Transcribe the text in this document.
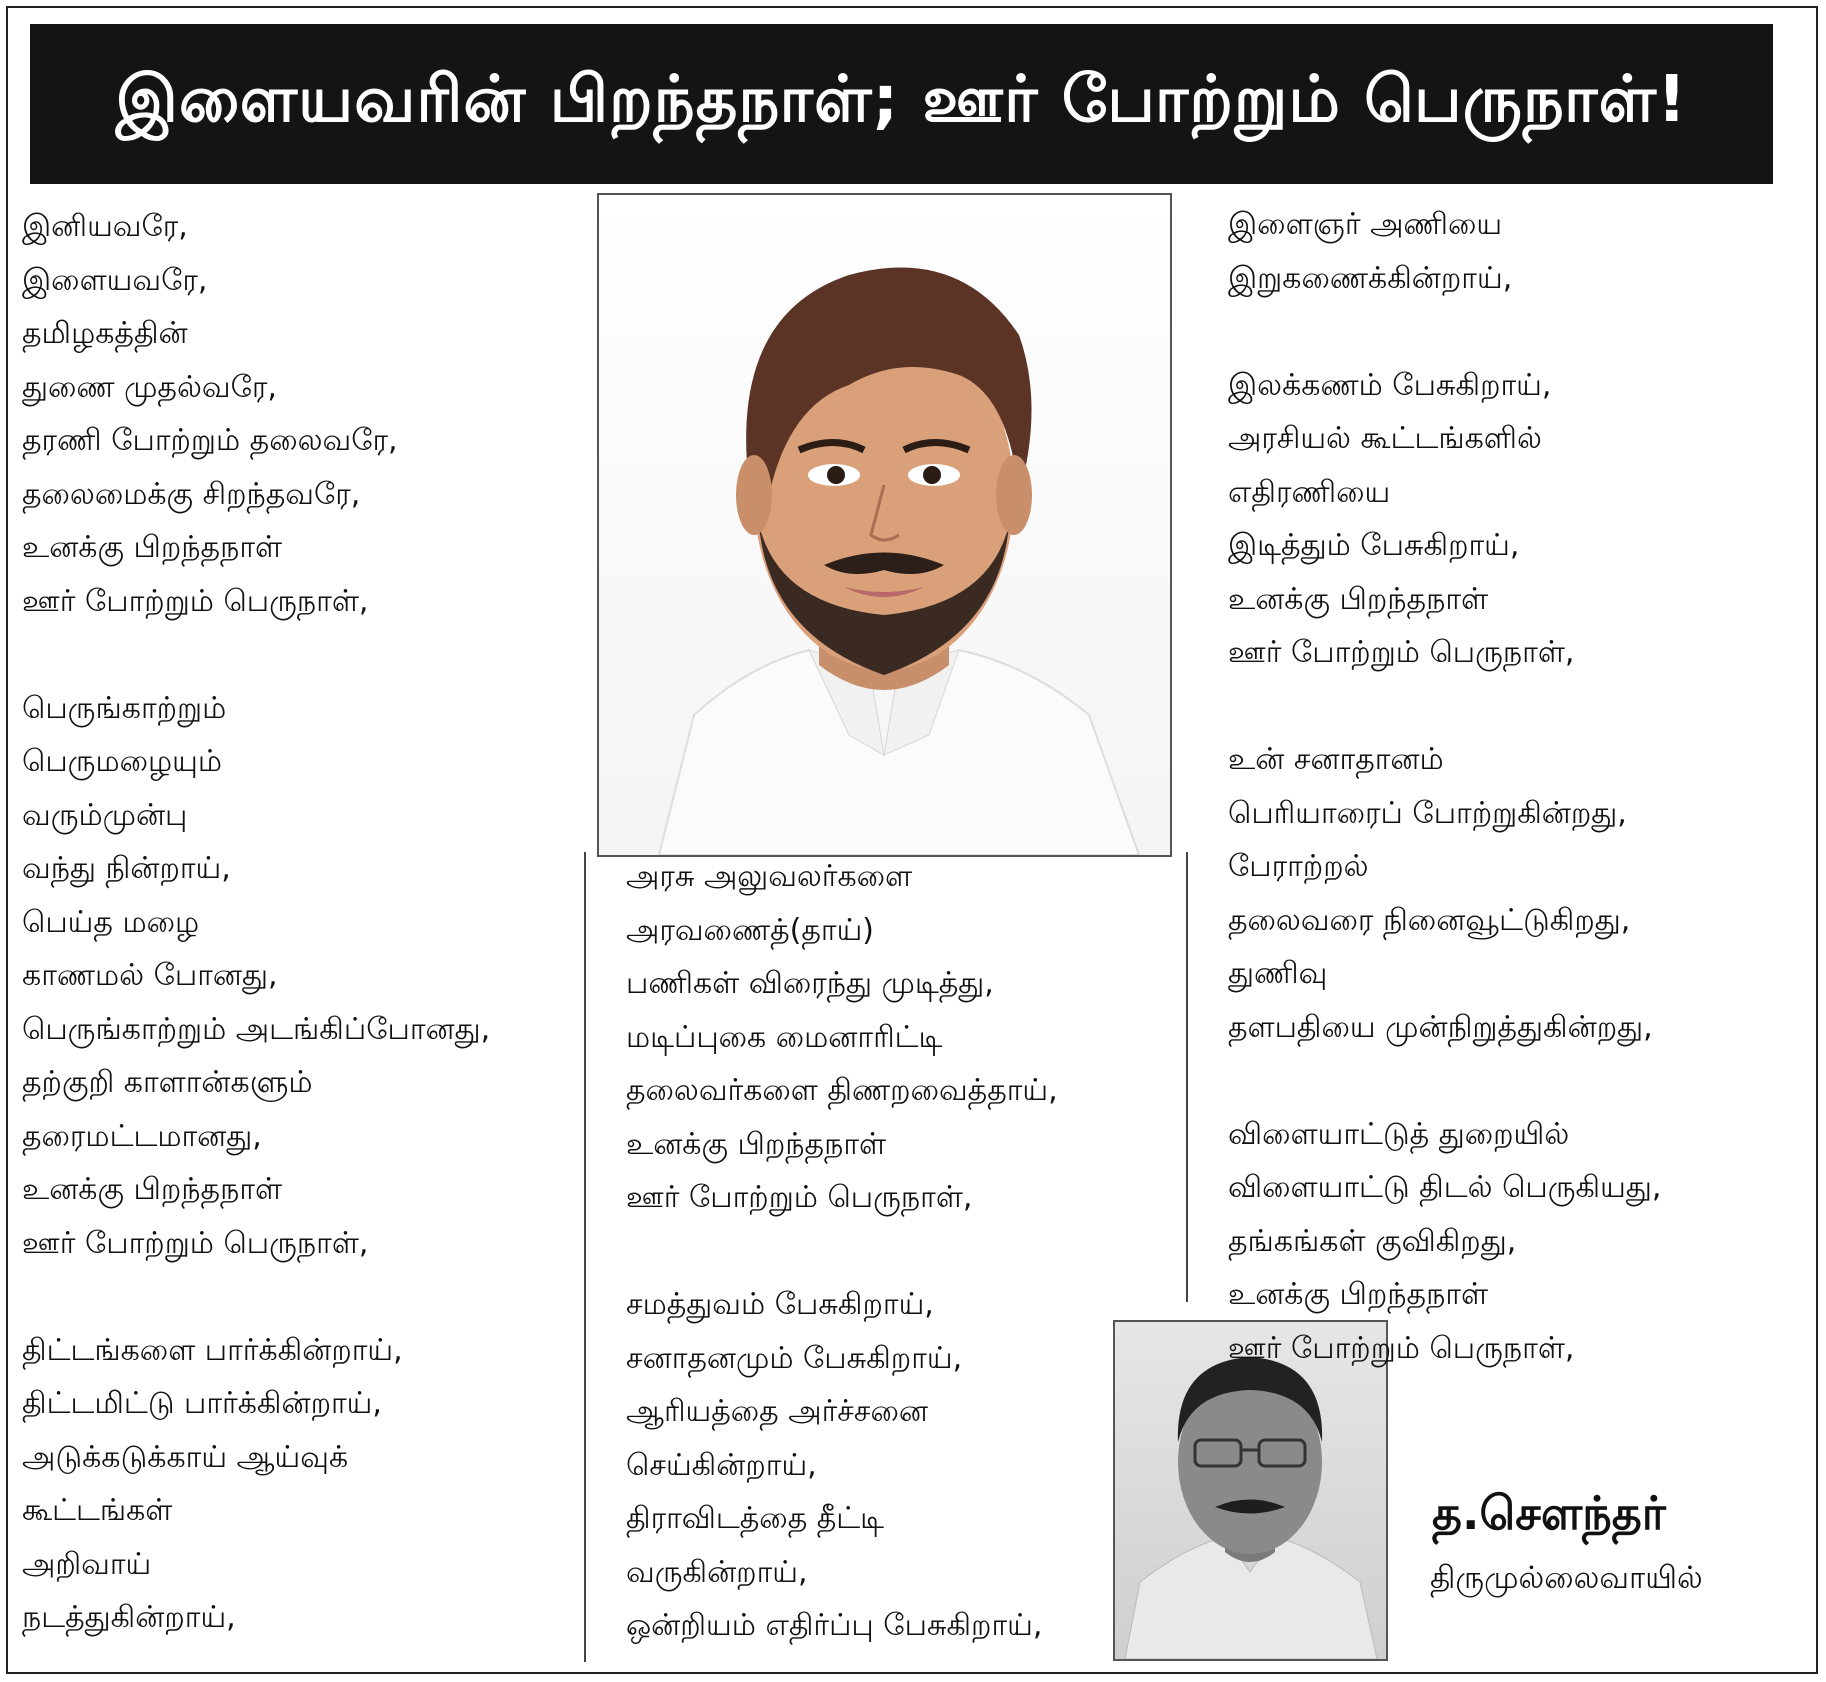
இளையவரின் பிறந்தநாள்; ஊர் போற்றும் பெருநாள்!
இனியவரே,
இளையவரே,
தமிழகத்தின்
துணை முதல்வரே,
தரணி போற்றும் தலைவரே,
தலைமைக்கு சிறந்தவரே,
உனக்கு பிறந்தநாள்
ஊர் போற்றும் பெருநாள்,
பெருங்காற்றும்
பெருமழையும்
வரும்முன்பு
வந்து நின்றாய்,
பெய்த மழை
காணமல் போனது,
பெருங்காற்றும் அடங்கிப்போனது,
தற்குறி காளான்களும்
தரைமட்டமானது,
உனக்கு பிறந்தநாள்
ஊர் போற்றும் பெருநாள்,
திட்டங்களை பார்க்கின்றாய்,
திட்டமிட்டு பார்க்கின்றாய்,
அடுக்கடுக்காய் ஆய்வுக்
கூட்டங்கள்
அறிவாய்
நடத்துகின்றாய்,
அரசு அலுவலர்களை
அரவணைத்(தாய்)
பணிகள் விரைந்து முடித்து,
மடிப்புகை மைனாரிட்டி
தலைவர்களை திணறவைத்தாய்,
உனக்கு பிறந்தநாள்
ஊர் போற்றும் பெருநாள்,
சமத்துவம் பேசுகிறாய்,
சனாதனமும் பேசுகிறாய்,
ஆரியத்தை அர்ச்சனை
செய்கின்றாய்,
திராவிடத்தை தீட்டி
வருகின்றாய்,
ஒன்றியம் எதிர்ப்பு பேசுகிறாய்,
இளைஞர் அணியை
இறுகணைக்கின்றாய்,
இலக்கணம் பேசுகிறாய்,
அரசியல் கூட்டங்களில்
எதிரணியை
இடித்தும் பேசுகிறாய்,
உனக்கு பிறந்தநாள்
ஊர் போற்றும் பெருநாள்,
உன் சனாதானம்
பெரியாரைப் போற்றுகின்றது,
பேராற்றல்
தலைவரை நினைவூட்டுகிறது,
துணிவு
தளபதியை முன்நிறுத்துகின்றது,
விளையாட்டுத் துறையில்
விளையாட்டு திடல் பெருகியது,
தங்கங்கள் குவிகிறது,
உனக்கு பிறந்தநாள்
ஊர் போற்றும் பெருநாள்,
த.சௌந்தர்
திருமுல்லைவாயில்
